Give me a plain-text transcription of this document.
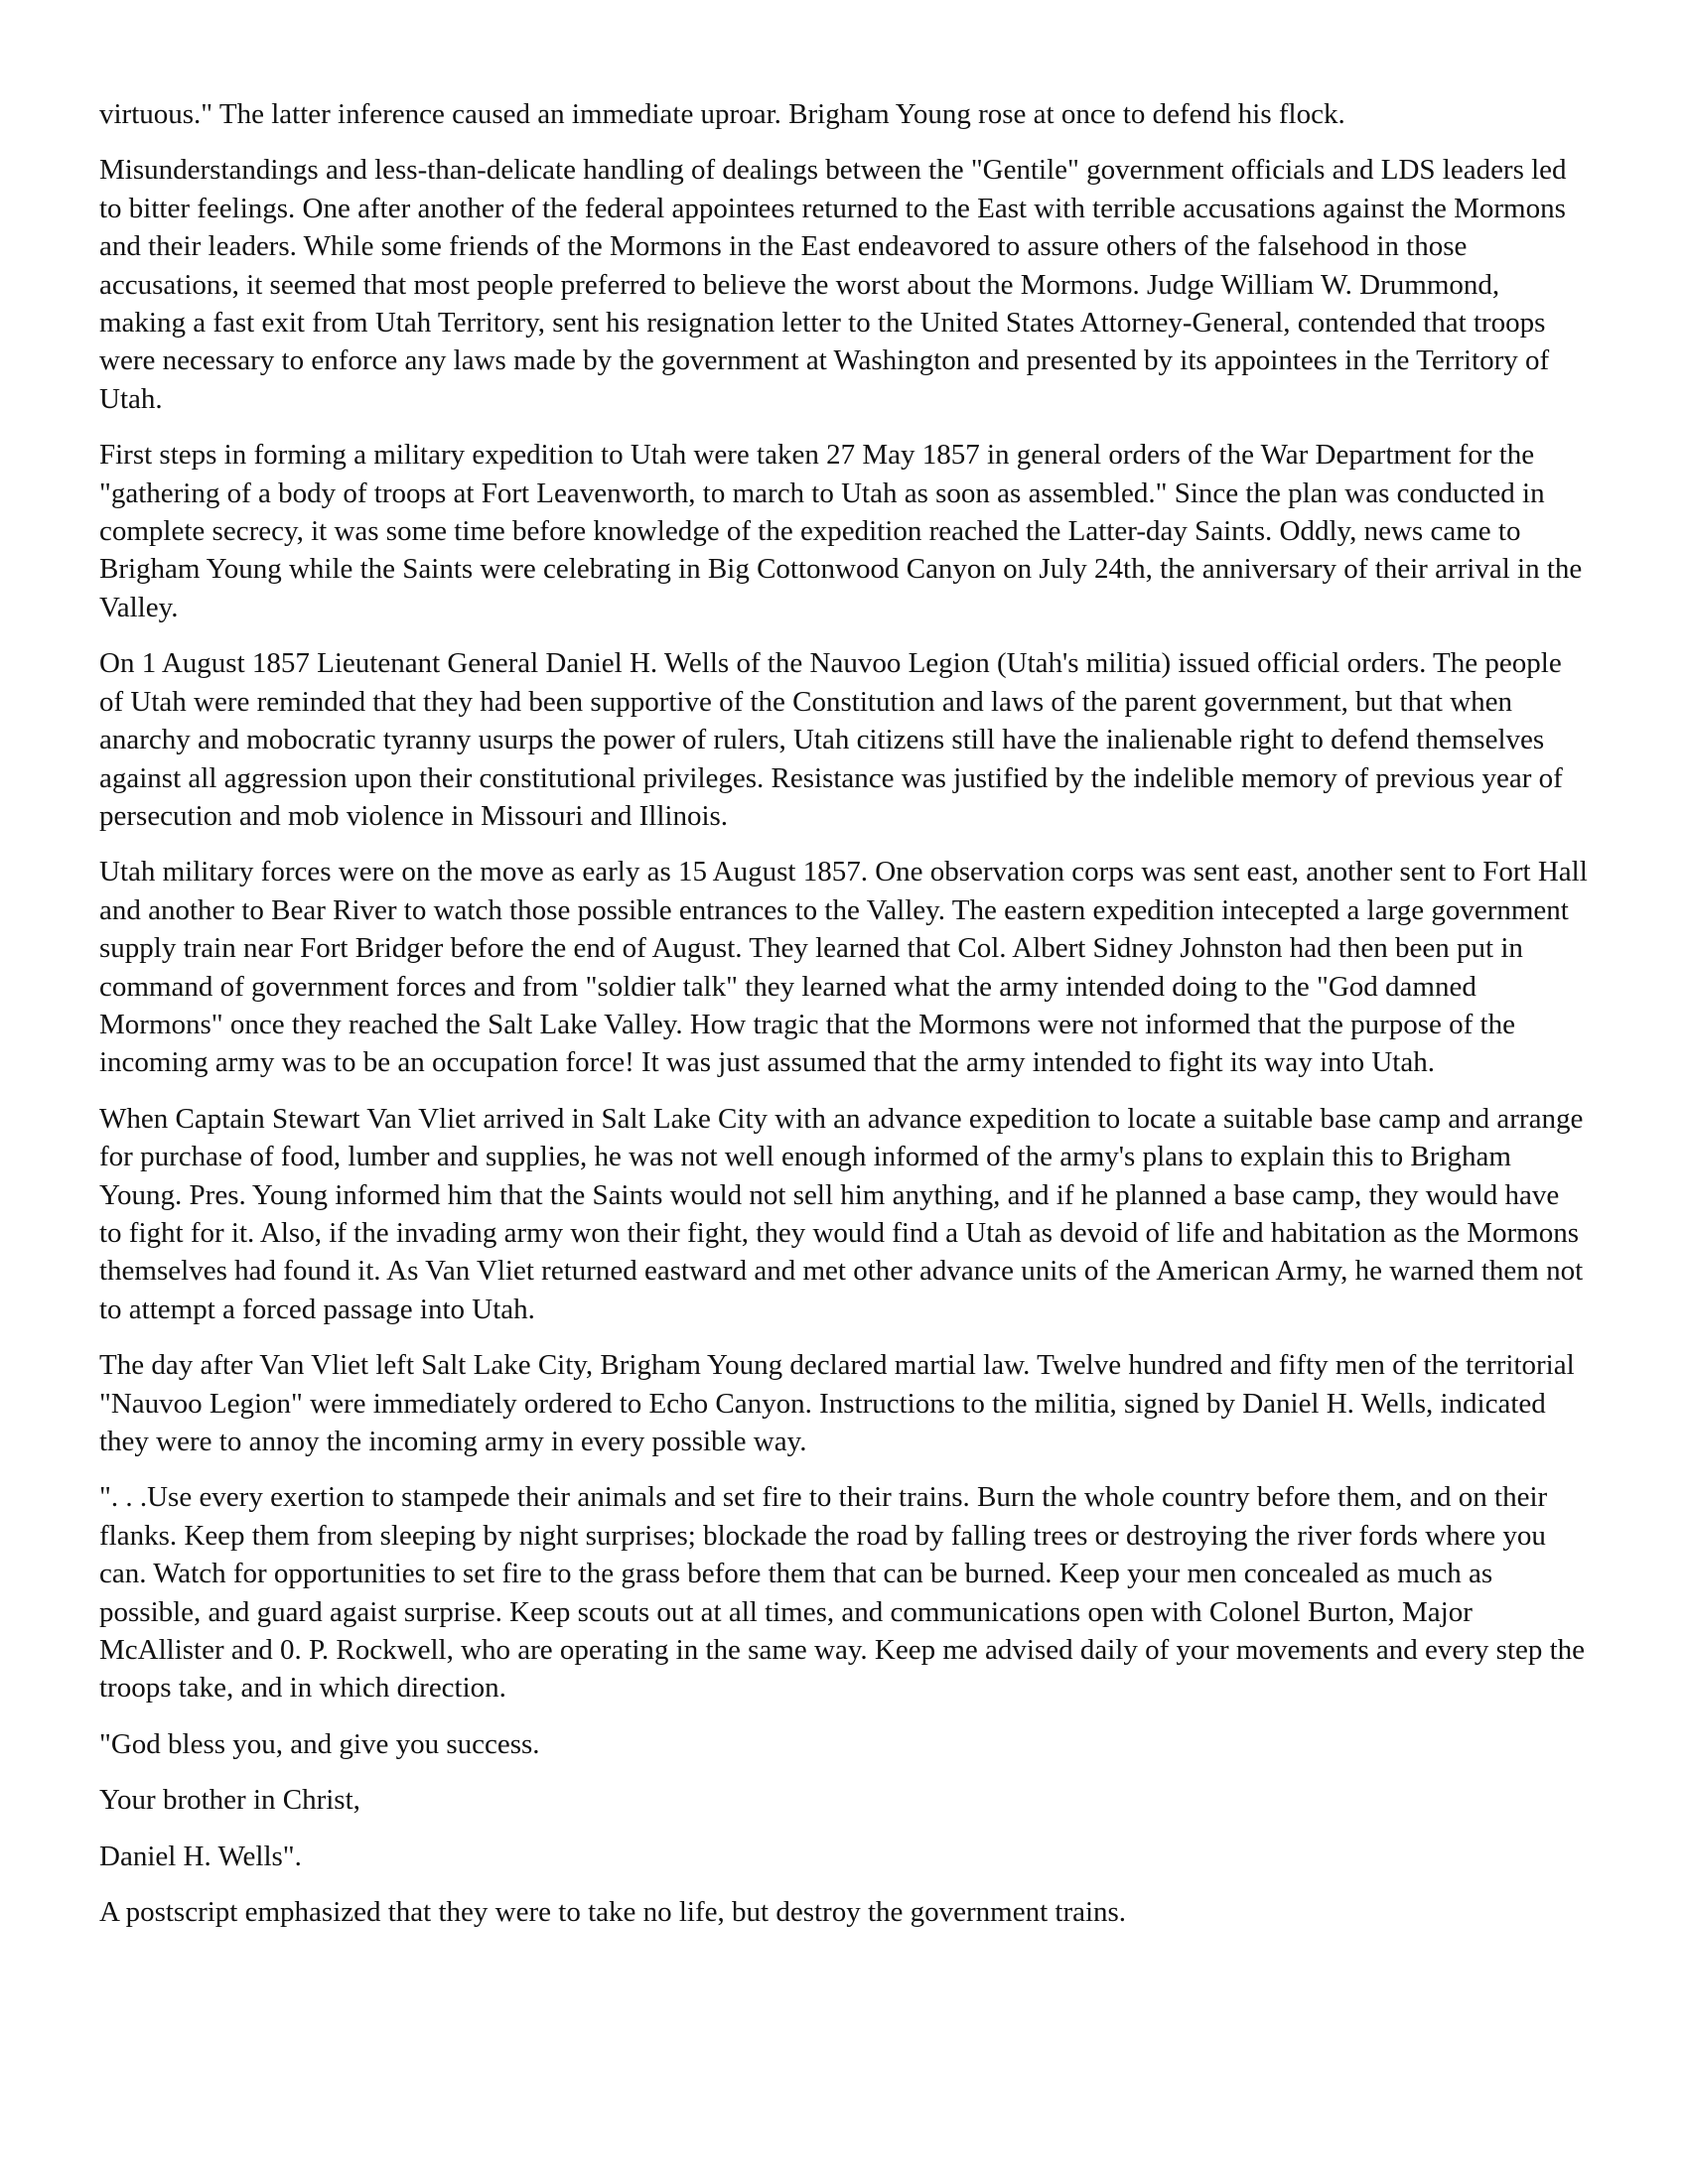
virtuous." The latter inference caused an immediate uproar. Brigham Young rose at once to defend his flock.

Misunderstandings and less-than-delicate handling of dealings between the "Gentile" government officials and LDS leaders led to bitter feelings. One after another of the federal appointees returned to the East with terrible accusations against the Mormons and their leaders. While some friends of the Mormons in the East endeavored to assure others of the falsehood in those accusations, it seemed that most people preferred to believe the worst about the Mormons. Judge William W. Drummond, making a fast exit from Utah Territory, sent his resignation letter to the United States Attorney-General, contended that troops were necessary to enforce any laws made by the government at Washington and presented by its appointees in the Territory of Utah.

First steps in forming a military expedition to Utah were taken 27 May 1857 in general orders of the War Department for the "gathering of a body of troops at Fort Leavenworth, to march to Utah as soon as assembled." Since the plan was conducted in complete secrecy, it was some time before knowledge of the expedition reached the Latter-day Saints. Oddly, news came to Brigham Young while the Saints were celebrating in Big Cottonwood Canyon on July 24th, the anniversary of their arrival in the Valley.

On 1 August 1857 Lieutenant General Daniel H. Wells of the Nauvoo Legion (Utah's militia) issued official orders. The people of Utah were reminded that they had been supportive of the Constitution and laws of the parent government, but that when anarchy and mobocratic tyranny usurps the power of rulers, Utah citizens still have the inalienable right to defend themselves against all aggression upon their constitutional privileges. Resistance was justified by the indelible memory of previous year of persecution and mob violence in Missouri and Illinois.

Utah military forces were on the move as early as 15 August 1857. One observation corps was sent east, another sent to Fort Hall and another to Bear River to watch those possible entrances to the Valley. The eastern expedition intecepted a large government supply train near Fort Bridger before the end of August. They learned that Col. Albert Sidney Johnston had then been put in command of government forces and from "soldier talk" they learned what the army intended doing to the "God damned Mormons" once they reached the Salt Lake Valley. How tragic that the Mormons were not informed that the purpose of the incoming army was to be an occupation force! It was just assumed that the army intended to fight its way into Utah.

When Captain Stewart Van Vliet arrived in Salt Lake City with an advance expedition to locate a suitable base camp and arrange for purchase of food, lumber and supplies, he was not well enough informed of the army's plans to explain this to Brigham Young. Pres. Young informed him that the Saints would not sell him anything, and if he planned a base camp, they would have to fight for it. Also, if the invading army won their fight, they would find a Utah as devoid of life and habitation as the Mormons themselves had found it. As Van Vliet returned eastward and met other advance units of the American Army, he warned them not to attempt a forced passage into Utah.

The day after Van Vliet left Salt Lake City, Brigham Young declared martial law. Twelve hundred and fifty men of the territorial "Nauvoo Legion" were immediately ordered to Echo Canyon. Instructions to the militia, signed by Daniel H. Wells, indicated they were to annoy the incoming army in every possible way.

". . .Use every exertion to stampede their animals and set fire to their trains. Burn the whole country before them, and on their flanks. Keep them from sleeping by night surprises; blockade the road by falling trees or destroying the river fords where you can. Watch for opportunities to set fire to the grass before them that can be burned. Keep your men concealed as much as possible, and guard agaist surprise. Keep scouts out at all times, and communications open with Colonel Burton, Major McAllister and 0. P. Rockwell, who are operating in the same way. Keep me advised daily of your movements and every step the troops take, and in which direction.

"God bless you, and give you success.

Your brother in Christ,

Daniel H. Wells".

A postscript emphasized that they were to take no life, but destroy the government trains.
